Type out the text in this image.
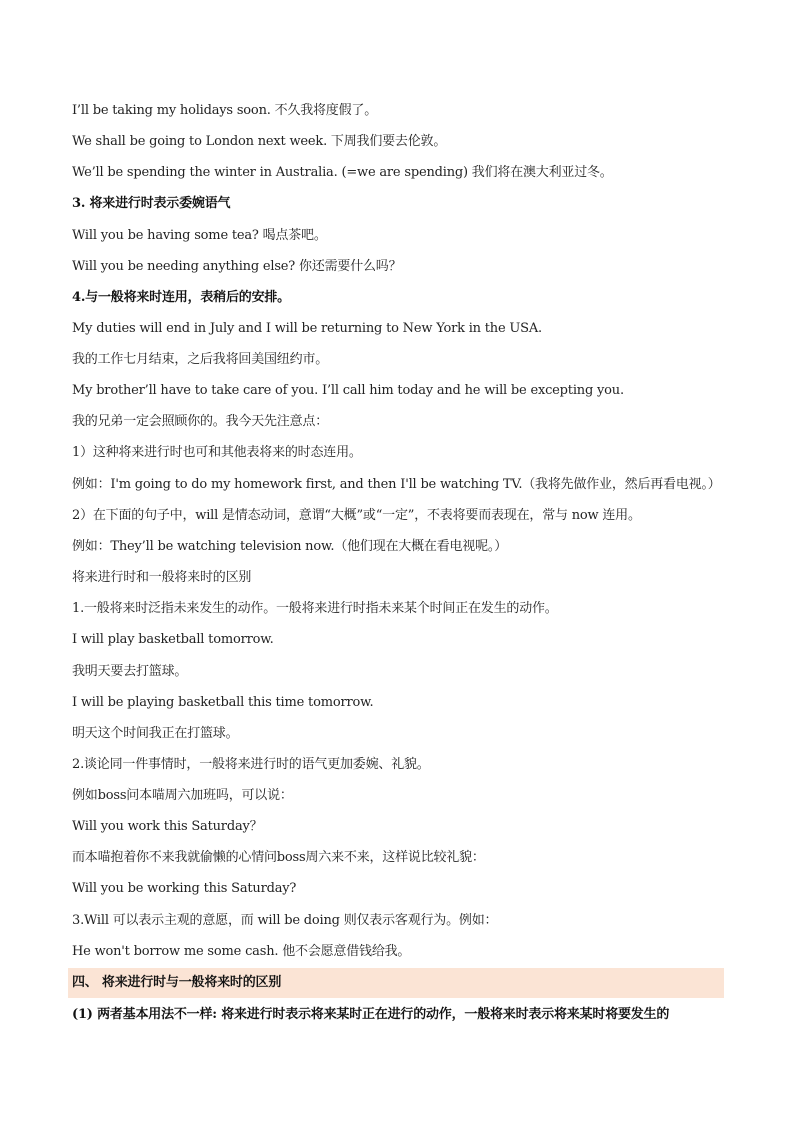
I’ll be taking my holidays soon. 不久我将度假了。
We shall be going to London next week. 下周我们要去伦敦。
We’ll be spending the winter in Australia. (=we are spending) 我们将在澳大利亚过冬。
3. 将来进行时表示委婉语气
Will you be having some tea? 喝点茶吧。
Will you be needing anything else? 你还需要什么吗？
4.与一般将来时连用，表稍后的安排。
My duties will end in July and I will be returning to New York in the USA.
我的工作七月结束，之后我将回美国纽约市。
My brother’ll have to take care of you. I’ll call him today and he will be excepting you.
我的兄弟一定会照顾你的。我今天先注意点：
1）这种将来进行时也可和其他表将来的时态连用。
例如：I'm going to do my homework first, and then I'll be watching TV.（我将先做作业，然后再看电视。）
2）在下面的句子中，will 是情态动词，意谓“大概”或“一定”，不表将要而表现在，常与 now 连用。
例如：They’ll be watching television now.（他们现在大概在看电视呢。）
将来进行时和一般将来时的区别
1.一般将来时泛指未来发生的动作。一般将来进行时指未来某个时间正在发生的动作。
I will play basketball tomorrow.
我明天要去打篮球。
I will be playing basketball this time tomorrow.
明天这个时间我正在打篮球。
2.谈论同一件事情时，一般将来进行时的语气更加委婉、礼貌。
例如boss问本喵周六加班吗，可以说：
Will you work this Saturday？
而本喵抱着你不来我就偷懒的心情问boss周六来不来，这样说比较礼貌：
Will you be working this Saturday?
3.Will 可以表示主观的意愿，而 will be doing 则仅表示客观行为。例如：
He won't borrow me some cash. 他不会愿意借钱给我。
四、 将来进行时与一般将来时的区别
(1) 两者基本用法不一样: 将来进行时表示将来某时正在进行的动作，一般将来时表示将来某时将要发生的
